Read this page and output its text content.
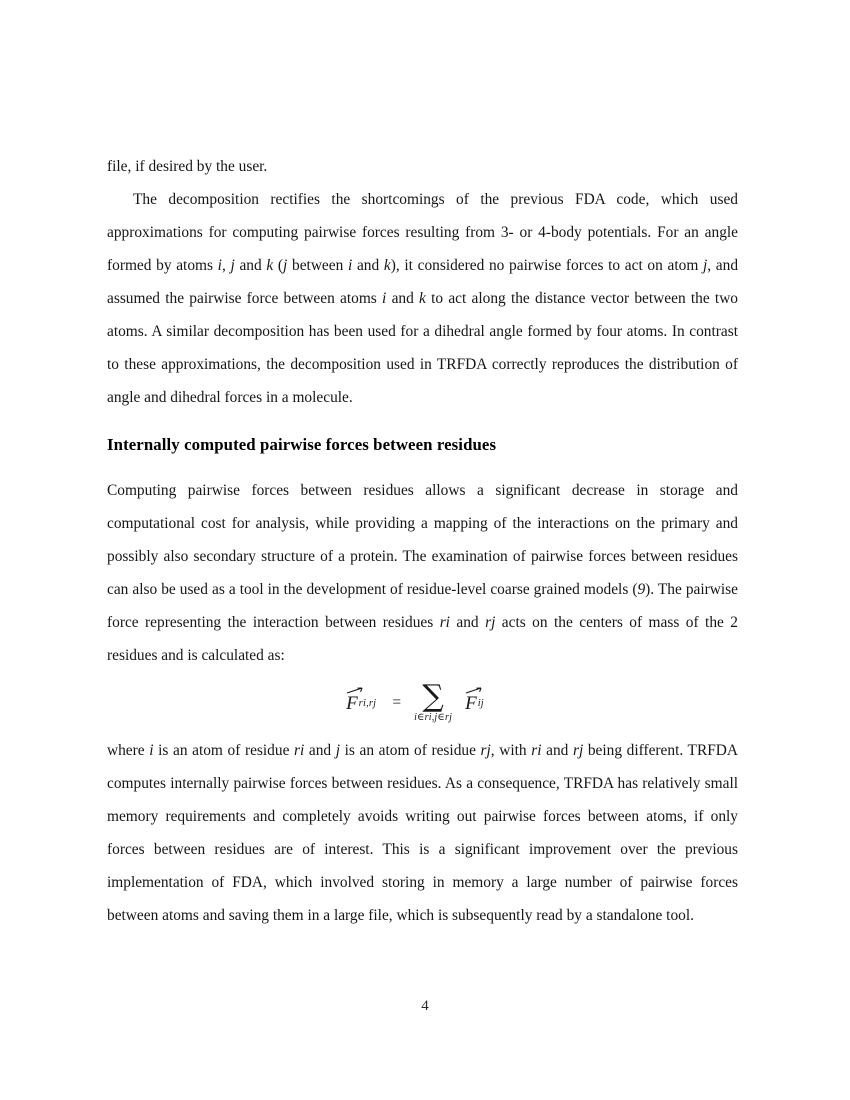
file, if desired by the user.

The decomposition rectifies the shortcomings of the previous FDA code, which used approximations for computing pairwise forces resulting from 3- or 4-body potentials. For an angle formed by atoms i, j and k (j between i and k), it considered no pairwise forces to act on atom j, and assumed the pairwise force between atoms i and k to act along the distance vector between the two atoms. A similar decomposition has been used for a dihedral angle formed by four atoms. In contrast to these approximations, the decomposition used in TRFDA correctly reproduces the distribution of angle and dihedral forces in a molecule.

Internally computed pairwise forces between residues

Computing pairwise forces between residues allows a significant decrease in storage and computational cost for analysis, while providing a mapping of the interactions on the primary and possibly also secondary structure of a protein. The examination of pairwise forces between residues can also be used as a tool in the development of residue-level coarse grained models (9). The pairwise force representing the interaction between residues ri and rj acts on the centers of mass of the 2 residues and is calculated as:

F ri,rj = ∑
i∈ri,j∈rj
F ij

where i is an atom of residue ri and j is an atom of residue rj, with ri and rj being different. TRFDA computes internally pairwise forces between residues. As a consequence, TRFDA has relatively small memory requirements and completely avoids writing out pairwise forces between atoms, if only forces between residues are of interest. This is a significant improvement over the previous implementation of FDA, which involved storing in memory a large number of pairwise forces between atoms and saving them in a large file, which is subsequently read by a standalone tool.

4
